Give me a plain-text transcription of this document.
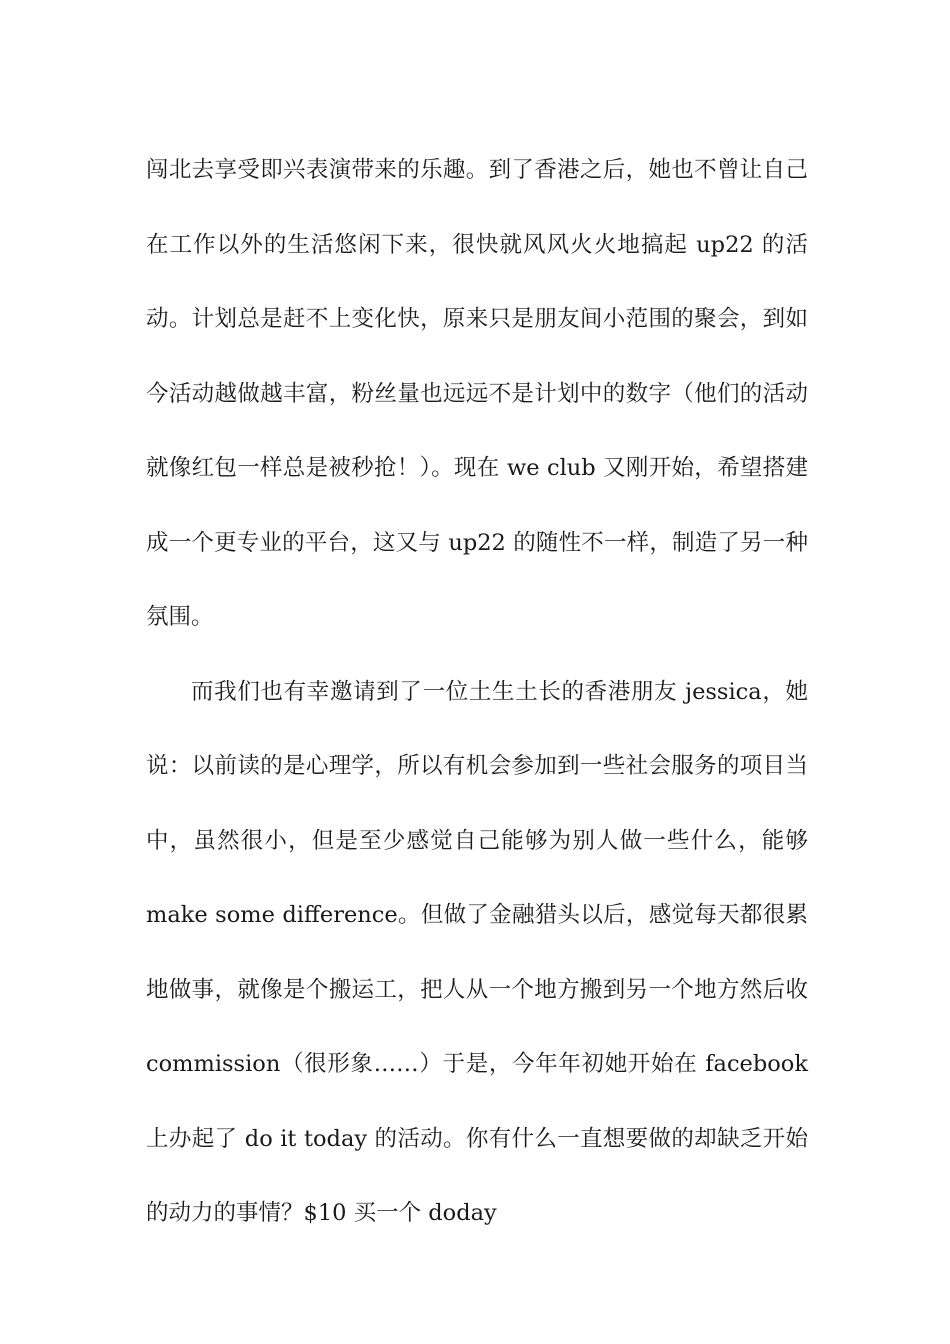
闯北去享受即兴表演带来的乐趣。到了香港之后，她也不曾让自己在工作以外的生活悠闲下来，很快就风风火火地搞起 up22 的活动。计划总是赶不上变化快，原来只是朋友间小范围的聚会，到如今活动越做越丰富，粉丝量也远远不是计划中的数字（他们的活动就像红包一样总是被秒抢！）。现在 we club 又刚开始，希望搭建成一个更专业的平台，这又与 up22 的随性不一样，制造了另一种氛围。

而我们也有幸邀请到了一位土生土长的香港朋友 jessica，她说：以前读的是心理学，所以有机会参加到一些社会服务的项目当中，虽然很小，但是至少感觉自己能够为别人做一些什么，能够 make some difference。但做了金融猎头以后，感觉每天都很累地做事，就像是个搬运工，把人从一个地方搬到另一个地方然后收 commission（很形象……）于是，今年年初她开始在 facebook 上办起了 do it today 的活动。你有什么一直想要做的却缺乏开始的动力的事情？$10 买一个 doday
